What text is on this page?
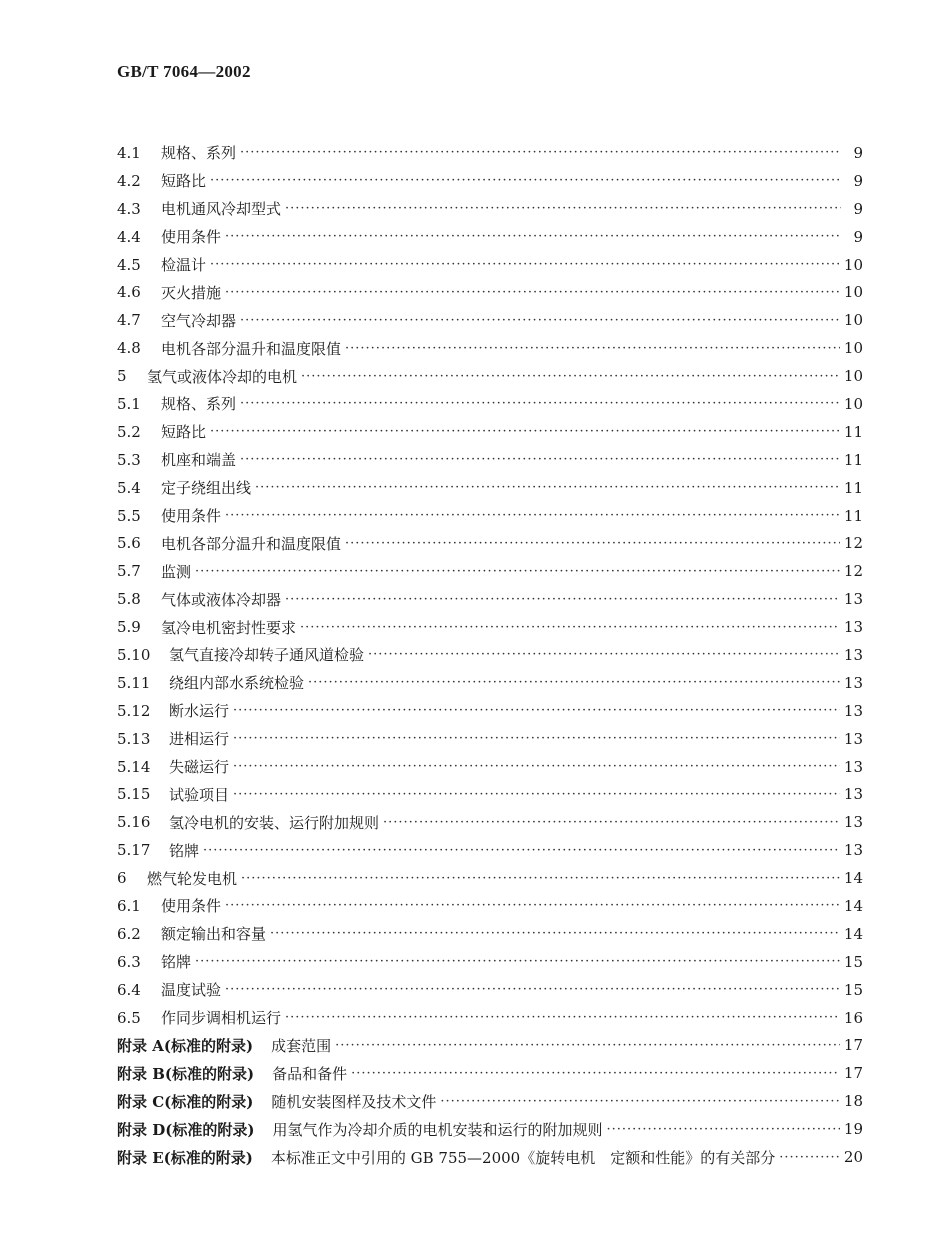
GB/T 7064—2002
4.1	规格、系列 ·····	9
4.2	短路比 ·····	9
4.3	电机通风冷却型式 ·····	9
4.4	使用条件 ·····	9
4.5	检温计 ·····	10
4.6	灭火措施 ·····	10
4.7	空气冷却器 ·····	10
4.8	电机各部分温升和温度限值 ·····	10
5	氢气或液体冷却的电机 ·····	10
5.1	规格、系列 ·····	10
5.2	短路比 ·····	11
5.3	机座和端盖 ·····	11
5.4	定子绕组出线 ·····	11
5.5	使用条件 ·····	11
5.6	电机各部分温升和温度限值 ·····	12
5.7	监测 ·····	12
5.8	气体或液体冷却器 ·····	13
5.9	氢冷电机密封性要求 ·····	13
5.10	氢气直接冷却转子通风道检验 ·····	13
5.11	绕组内部水系统检验 ·····	13
5.12	断水运行 ·····	13
5.13	进相运行 ·····	13
5.14	失磁运行 ·····	13
5.15	试验项目 ·····	13
5.16	氢冷电机的安装、运行附加规则 ·····	13
5.17	铭牌 ·····	13
6	燃气轮发电机 ·····	14
6.1	使用条件 ·····	14
6.2	额定输出和容量 ·····	14
6.3	铭牌 ·····	15
6.4	温度试验 ·····	15
6.5	作同步调相机运行 ·····	16
附录 A(标准的附录) 成套范围 ·····	17
附录 B(标准的附录) 备品和备件 ·····	17
附录 C(标准的附录) 随机安装图样及技术文件 ·····	18
附录 D(标准的附录) 用氢气作为冷却介质的电机安装和运行的附加规则 ·····	19
附录 E(标准的附录) 本标准正文中引用的 GB 755—2000《旋转电机　定额和性能》的有关部分 ·····	20
